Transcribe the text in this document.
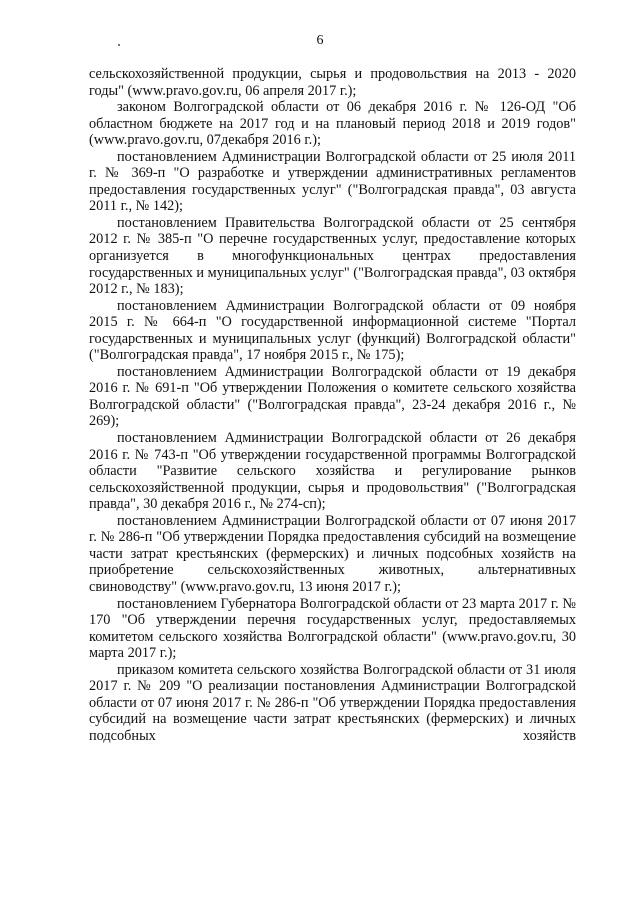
6

сельскохозяйственной продукции, сырья и продовольствия на 2013 - 2020 годы" (www.pravo.gov.ru, 06 апреля 2017 г.);

законом Волгоградской области от 06 декабря 2016 г. № 126-ОД "Об областном бюджете на 2017 год и на плановый период 2018 и 2019 годов" (www.pravo.gov.ru, 07декабря 2016 г.);

постановлением Администрации Волгоградской области от 25 июля 2011 г. № 369-п "О разработке и утверждении административных регламентов предоставления государственных услуг" ("Волгоградская правда", 03 августа 2011 г., № 142);

постановлением Правительства Волгоградской области от 25 сентября 2012 г. № 385-п "О перечне государственных услуг, предоставление которых организуется в многофункциональных центрах предоставления государственных и муниципальных услуг" ("Волгоградская правда", 03 октября 2012 г., № 183);

постановлением Администрации Волгоградской области от 09 ноября 2015 г. № 664-п "О государственной информационной системе "Портал государственных и муниципальных услуг (функций) Волгоградской области" ("Волгоградская правда", 17 ноября 2015 г., № 175);

постановлением Администрации Волгоградской области от 19 декабря 2016 г. № 691-п "Об утверждении Положения о комитете сельского хозяйства Волгоградской области" ("Волгоградская правда", 23-24 декабря 2016 г., № 269);

постановлением Администрации Волгоградской области от 26 декабря 2016 г. № 743-п "Об утверждении государственной программы Волгоградской области "Развитие сельского хозяйства и регулирование рынков сельскохозяйственной продукции, сырья и продовольствия" ("Волгоградская правда", 30 декабря 2016 г., № 274-сп);

постановлением Администрации Волгоградской области от 07 июня 2017 г. № 286-п "Об утверждении Порядка предоставления субсидий на возмещение части затрат крестьянских (фермерских) и личных подсобных хозяйств на приобретение сельскохозяйственных животных, альтернативных свиноводству" (www.pravo.gov.ru, 13 июня 2017 г.);

постановлением Губернатора Волгоградской области от 23 марта 2017 г. № 170 "Об утверждении перечня государственных услуг, предоставляемых комитетом сельского хозяйства Волгоградской области" (www.pravo.gov.ru, 30 марта 2017 г.);

приказом комитета сельского хозяйства Волгоградской области от 31 июля 2017 г. № 209 "О реализации постановления Администрации Волгоградской области от 07 июня 2017 г. № 286-п "Об утверждении Порядка предоставления субсидий на возмещение части затрат крестьянских (фермерских) и личных подсобных хозяйств
